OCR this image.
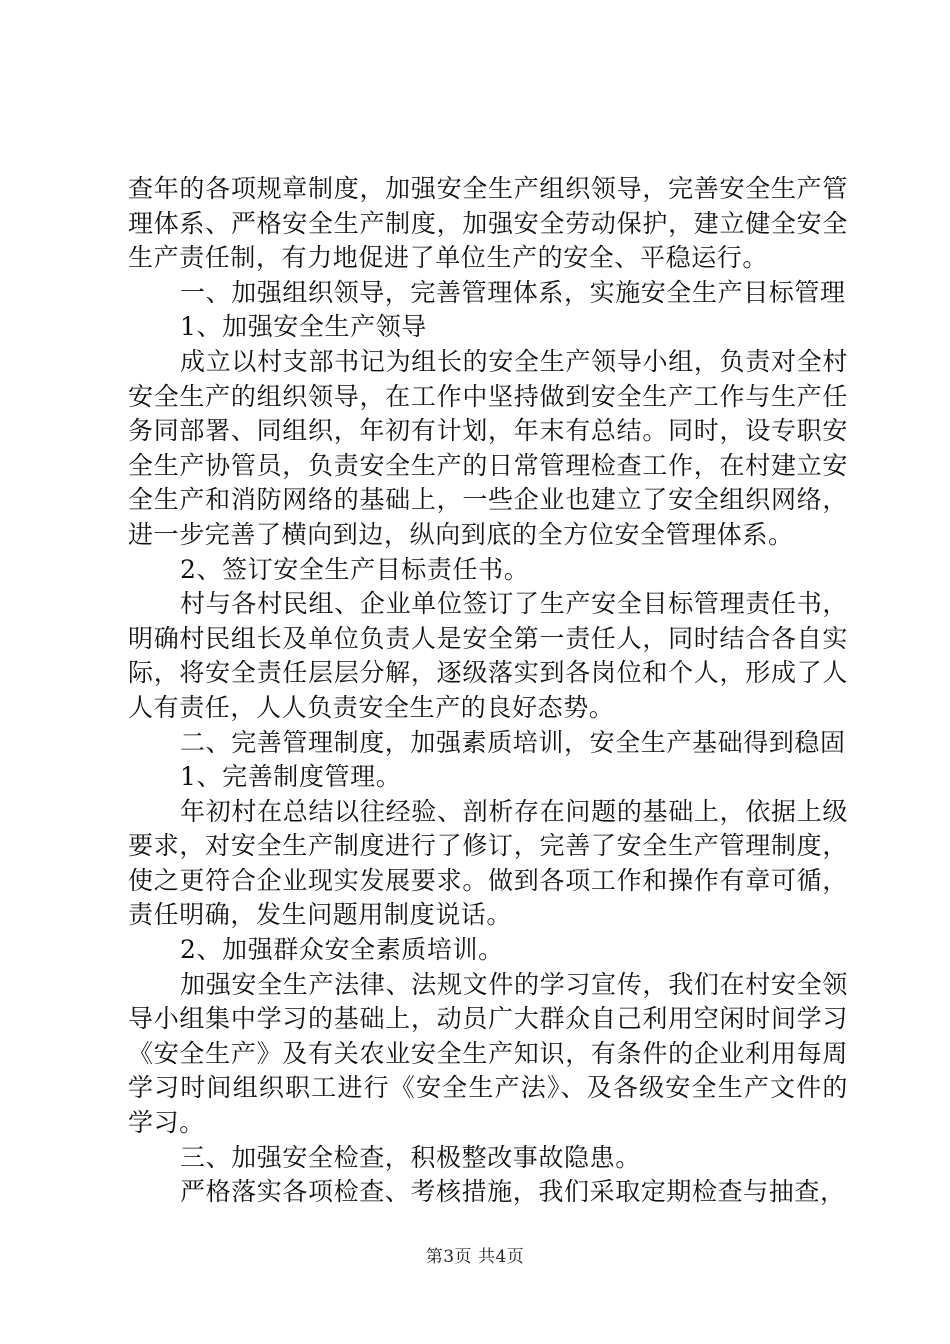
查年的各项规章制度，加强安全生产组织领导，完善安全生产管理体系、严格安全生产制度，加强安全劳动保护，建立健全安全生产责任制，有力地促进了单位生产的安全、平稳运行。

一、加强组织领导，完善管理体系，实施安全生产目标管理

1、加强安全生产领导

成立以村支部书记为组长的安全生产领导小组，负责对全村安全生产的组织领导，在工作中坚持做到安全生产工作与生产任务同部署、同组织，年初有计划，年末有总结。同时，设专职安全生产协管员，负责安全生产的日常管理检查工作，在村建立安全生产和消防网络的基础上，一些企业也建立了安全组织网络，进一步完善了横向到边，纵向到底的全方位安全管理体系。

2、签订安全生产目标责任书。

村与各村民组、企业单位签订了生产安全目标管理责任书，明确村民组长及单位负责人是安全第一责任人，同时结合各自实际，将安全责任层层分解，逐级落实到各岗位和个人，形成了人人有责任，人人负责安全生产的良好态势。

二、完善管理制度，加强素质培训，安全生产基础得到稳固

1、完善制度管理。

年初村在总结以往经验、剖析存在问题的基础上，依据上级要求，对安全生产制度进行了修订，完善了安全生产管理制度，使之更符合企业现实发展要求。做到各项工作和操作有章可循，责任明确，发生问题用制度说话。

2、加强群众安全素质培训。

加强安全生产法律、法规文件的学习宣传，我们在村安全领导小组集中学习的基础上，动员广大群众自己利用空闲时间学习《安全生产》及有关农业安全生产知识，有条件的企业利用每周学习时间组织职工进行《安全生产法》、及各级安全生产文件的学习。

三、加强安全检查，积极整改事故隐患。

严格落实各项检查、考核措施，我们采取定期检查与抽查，

第3页 共4页
